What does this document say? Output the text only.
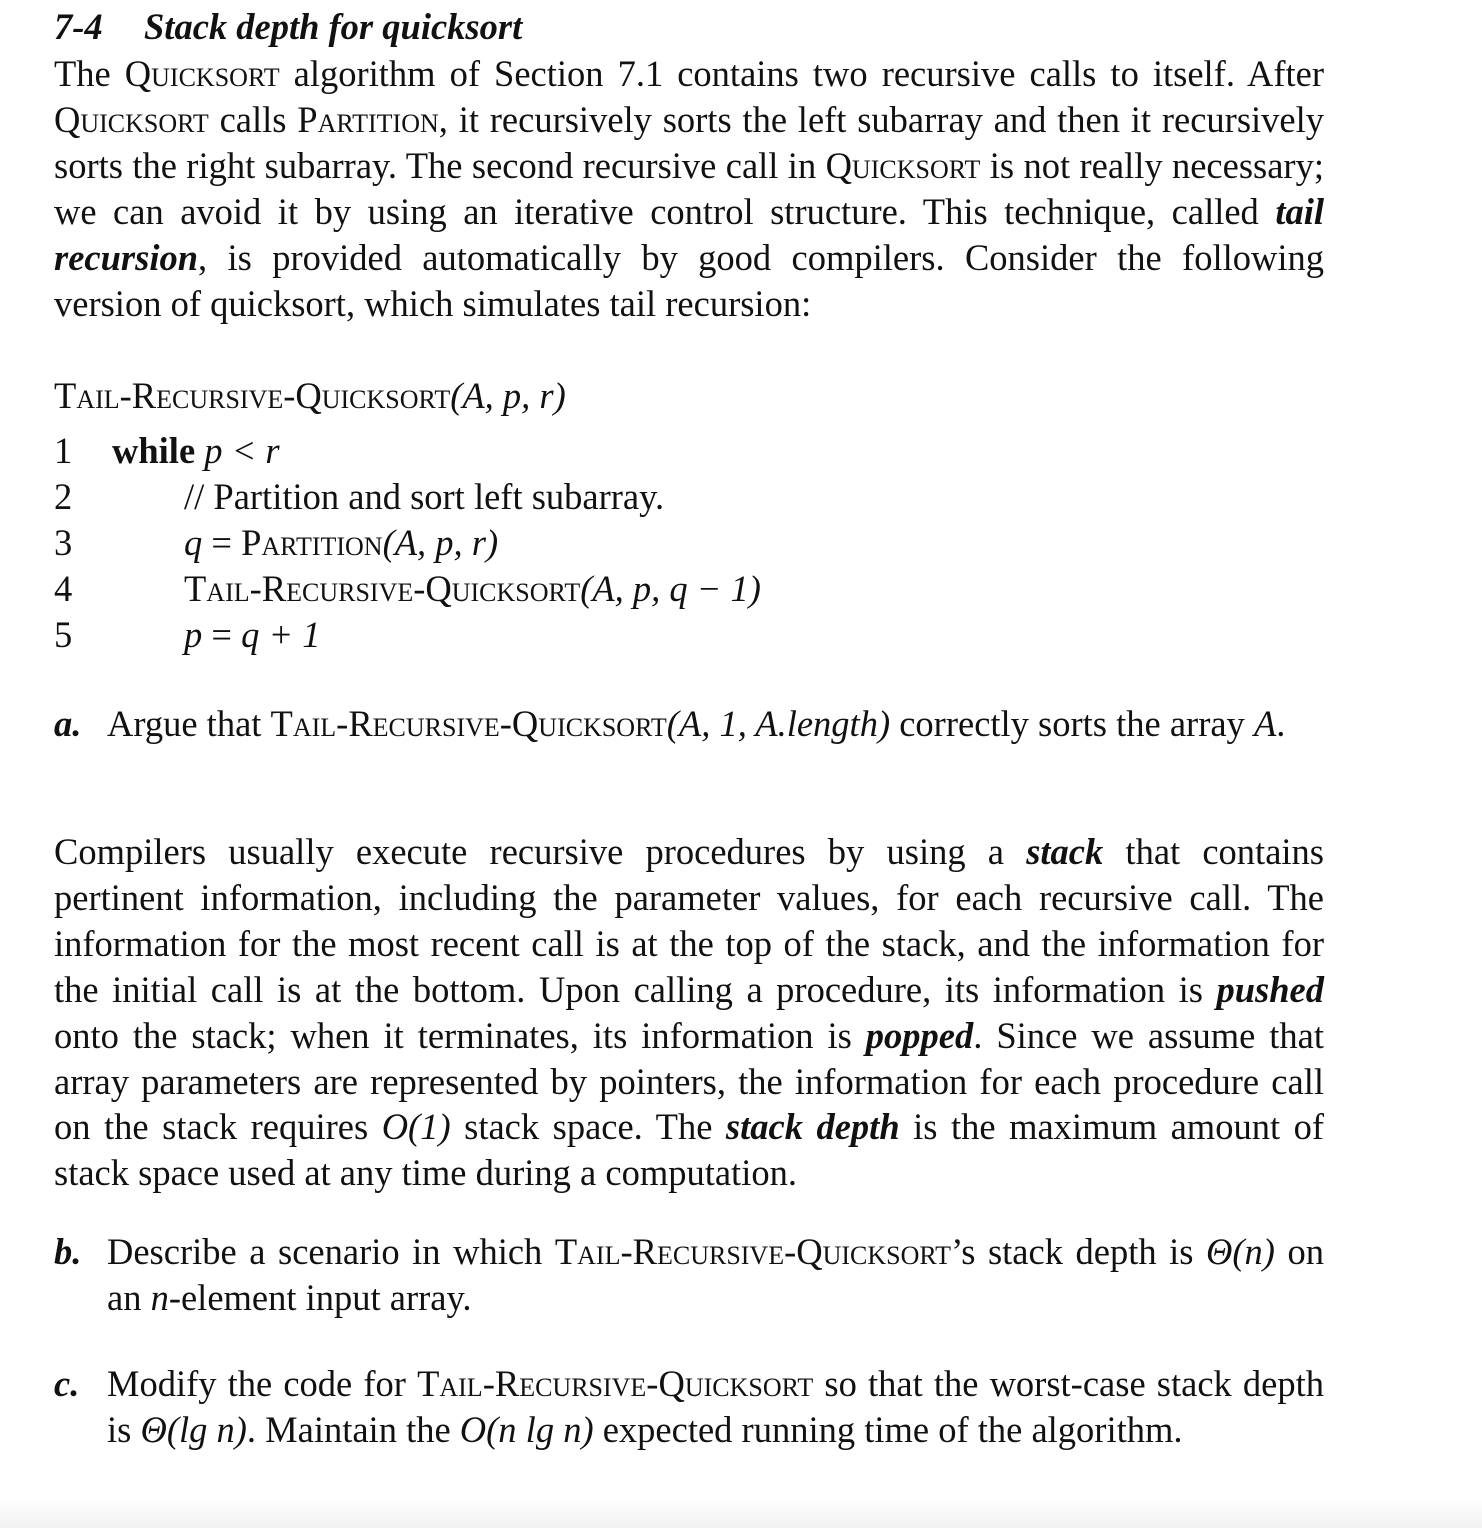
7-4 Stack depth for quicksort
The Quicksort algorithm of Section 7.1 contains two recursive calls to itself. After Quicksort calls Partition, it recursively sorts the left subarray and then it recursively sorts the right subarray. The second recursive call in Quicksort is not really necessary; we can avoid it by using an iterative control structure. This technique, called tail recursion, is provided automatically by good compilers. Consider the following version of quicksort, which simulates tail recursion:
Tail-Recursive-Quicksort(A, p, r)
1 while p < r
2	// Partition and sort left subarray.
3	q = Partition(A, p, r)
4	Tail-Recursive-Quicksort(A, p, q − 1)
5	p = q + 1
a. Argue that Tail-Recursive-Quicksort(A, 1, A.length) correctly sorts the array A.
Compilers usually execute recursive procedures by using a stack that contains pertinent information, including the parameter values, for each recursive call. The information for the most recent call is at the top of the stack, and the information for the initial call is at the bottom. Upon calling a procedure, its information is pushed onto the stack; when it terminates, its information is popped. Since we assume that array parameters are represented by pointers, the information for each procedure call on the stack requires O(1) stack space. The stack depth is the maximum amount of stack space used at any time during a computation.
b. Describe a scenario in which Tail-Recursive-Quicksort’s stack depth is Θ(n) on an n-element input array.
c. Modify the code for Tail-Recursive-Quicksort so that the worst-case stack depth is Θ(lg n). Maintain the O(n lg n) expected running time of the algorithm.
